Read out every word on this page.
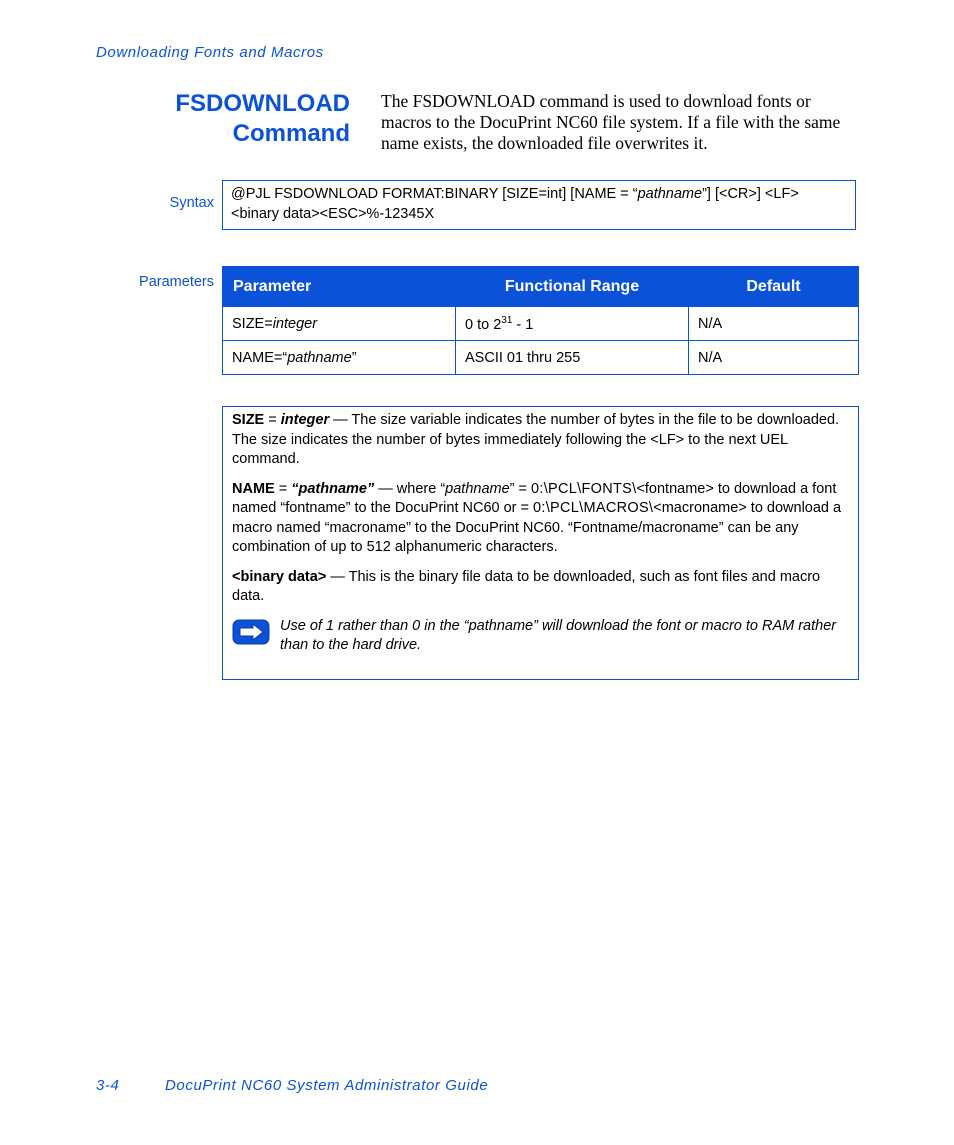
Downloading Fonts and Macros
FSDOWNLOAD
Command
The FSDOWNLOAD command is used to download fonts or macros to the DocuPrint NC60 file system. If a file with the same name exists, the downloaded file overwrites it.
Syntax
@PJL FSDOWNLOAD FORMAT:BINARY [SIZE=int] [NAME = “pathname”] [<CR>] <LF>
<binary data><ESC>%-12345X
Parameters Parameter	Functional Range	Default
SIZE=integer	0 to $2^{31} - 1$	N/A
NAME=“pathname”	ASCII 01 thru 255	N/A

SIZE = integer — The size variable indicates the number of bytes in the file to be downloaded. The size indicates the number of bytes immediately following the <LF> to the next UEL command.

NAME = “pathname” — where “pathname” = 0:\PCL\FONTS\<fontname> to download a font named “fontname” to the DocuPrint NC60 or = 0:\PCL\MACROS\<macroname> to download a macro named “macroname” to the DocuPrint NC60. “Fontname/macroname” can be any combination of up to 512 alphanumeric characters.

<binary data> — This is the binary file data to be downloaded, such as font files and macro data.

Use of 1 rather than 0 in the “pathname” will download the font or macro to RAM rather than to the hard drive.
3-4	DocuPrint NC60 System Administrator Guide
